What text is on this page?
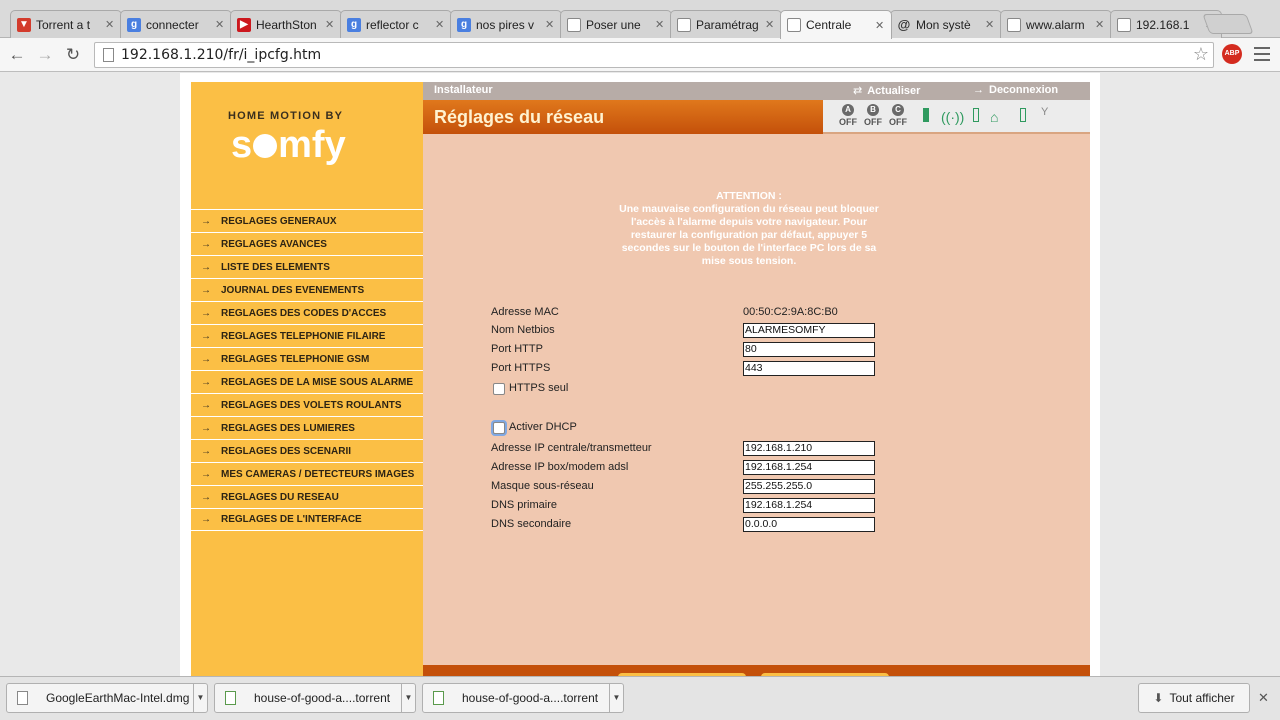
▼ Torrent a t	✕	g connecter	✕	▶ HearthSton ✕	g reflector c	✕	g nos pires v ✕	Poser une	✕	Paramétrag ✕	Centrale	✕ @ Mon systè	✕	www.alarm ✕	192.168.1
← → ↻	192.168.1.210/fr/i_ipcfg.htm	☆	ABP
HOME MOTION BY
s mfy
→ REGLAGES GENERAUX
→ REGLAGES AVANCES
→ LISTE DES ELEMENTS
→ JOURNAL DES EVENEMENTS
→ REGLAGES DES CODES D'ACCES
→ REGLAGES TELEPHONIE FILAIRE
→ REGLAGES TELEPHONIE GSM
→ REGLAGES DE LA MISE SOUS ALARME
→ REGLAGES DES VOLETS ROULANTS
→ REGLAGES DES LUMIERES
→ REGLAGES DES SCENARII
→ MES CAMERAS / DETECTEURS IMAGES
→ REGLAGES DU RESEAU
→ REGLAGES DE L'INTERFACE
Installateur	⇄ Actualiser	→ Deconnexion
Réglages du réseau	A
OFF
B
OFF
C
OFF ((·)) ⌂	Y
ATTENTION :
Une mauvaise configuration du réseau peut bloquer
l'accès à l'alarme depuis votre navigateur. Pour
restaurer la configuration par défaut, appuyer 5
secondes sur le bouton de l'interface PC lors de sa
mise sous tension.
Adresse MAC	00:50:C2:9A:8C:B0
Nom Netbios	ALARMESOMFY
Port HTTP	80
Port HTTPS	443
HTTPS seul
Activer DHCP
Adresse IP centrale/transmetteur	192.168.1.210
Adresse IP box/modem adsl	192.168.1.254
Masque sous-réseau	255.255.255.0
DNS primaire	192.168.1.254
DNS secondaire	0.0.0.0
GoogleEarthMac-Intel.dmg ▼	house-of-good-a....torrent	▼	house-of-good-a....torrent	▼	⬇ Tout afficher ✕
